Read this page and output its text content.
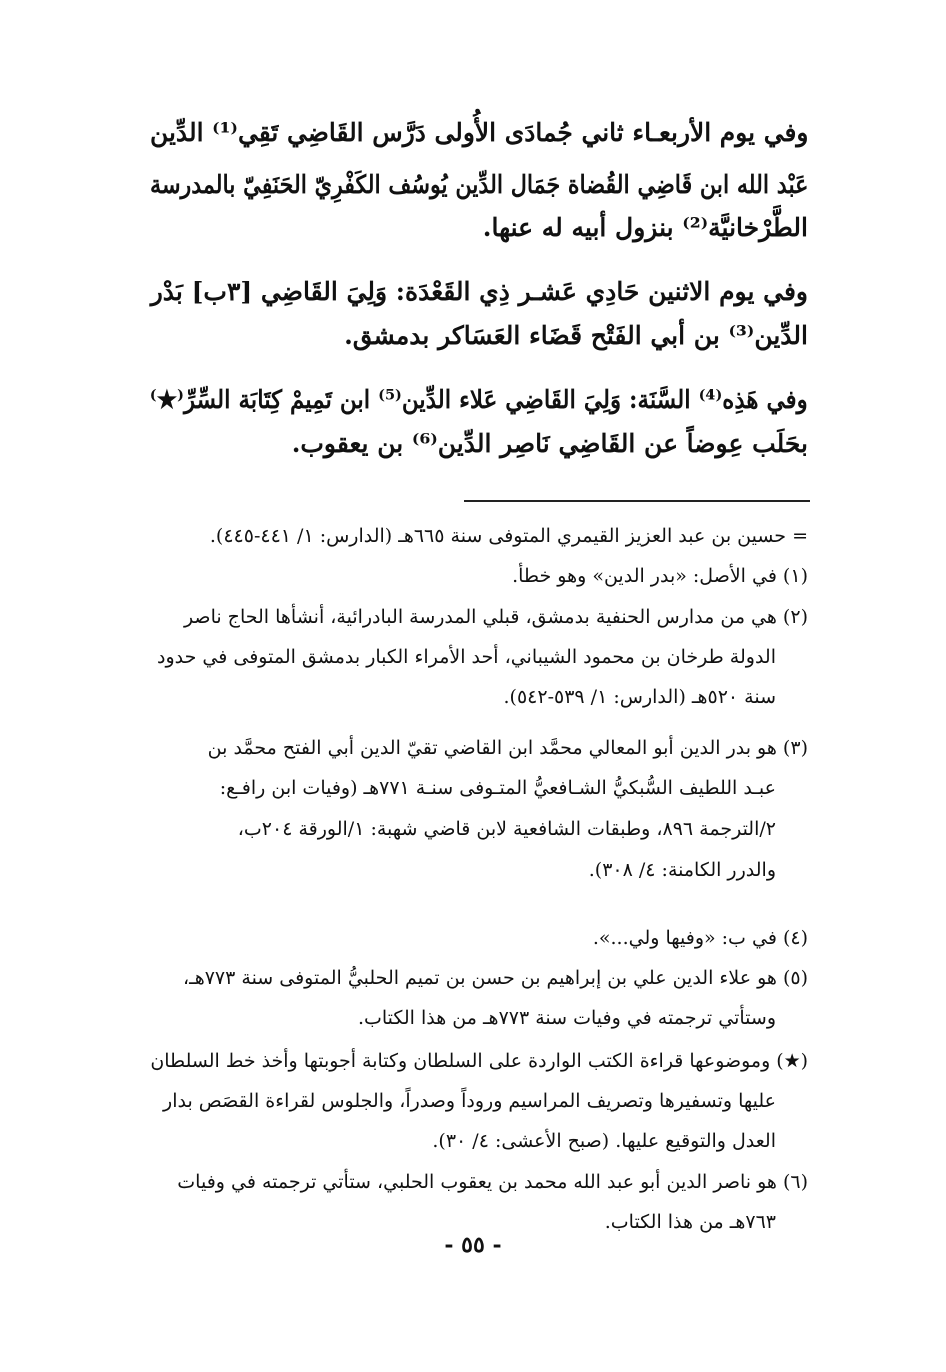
وفي يوم الأربعـاء ثاني جُمادَى الأُولى دَرَّس القَاضِي تَقِي⁽¹⁾ الدِّين
عَبْد الله ابن قَاضِي القُضاة جَمَال الدِّين يُوسُف الكَفْرِيّ الحَنَفِيّ بالمدرسة
الطَّرْخانيَّة⁽²⁾ بنزول أبيه له عنها.
وفي يوم الاثنين حَادِي عَشـر ذِي القَعْدَة: وَلِيَ القَاضِي [٣ب] بَدْر
الدِّين⁽³⁾ بن أبي الفَتْح قَضَاء العَسَاكر بدمشق.
وفي هَذِه⁽⁴⁾ السَّنَة: وَلِيَ القَاضِي عَلاء الدِّين⁽⁵⁾ ابن تَمِيمْ كِتَابَة السِّرِّ⁽★⁾
بحَلَب عِوضاً عن القَاضِي نَاصِر الدِّين⁽⁶⁾ بن يعقوب.
= حسين بن عبد العزيز القيمري المتوفى سنة ٦٦٥هـ (الدارس: ١/ ٤٤١-٤٤٥).
(١) في الأصل: «بدر الدين» وهو خطأ.
(٢) هي من مدارس الحنفية بدمشق، قبلي المدرسة البادرائية، أنشأها الحاج ناصر
الدولة طرخان بن محمود الشيباني، أحد الأمراء الكبار بدمشق المتوفى في حدود
سنة ٥٢٠هـ (الدارس: ١/ ٥٣٩-٥٤٢).
(٣) هو بدر الدين أبو المعالي محمَّد ابن القاضي تقيّ الدين أبي الفتح محمَّد بن
عبـد اللطيف السُّبكيُّ الشـافعيُّ المتـوفى سنـة ٧٧١هـ (وفيات ابن رافـع:
٢/الترجمة ٨٩٦، وطبقات الشافعية لابن قاضي شهبة: ١/الورقة ٢٠٤ب،
والدرر الكامنة: ٤/ ٣٠٨).
(٤) في ب: «وفيها ولي...».
(٥) هو علاء الدين علي بن إبراهيم بن حسن بن تميم الحلبيُّ المتوفى سنة ٧٧٣هـ،
وستأتي ترجمته في وفيات سنة ٧٧٣هـ من هذا الكتاب.
(★) وموضوعها قراءة الكتب الواردة على السلطان وكتابة أجوبتها وأخذ خط السلطان
عليها وتسفيرها وتصريف المراسيم وروداً وصدراً، والجلوس لقراءة القصَص بدار
العدل والتوقيع عليها. (صبح الأعشى: ٤/ ٣٠).
(٦) هو ناصر الدين أبو عبد الله محمد بن يعقوب الحلبي، ستأتي ترجمته في وفيات
٧٦٣هـ من هذا الكتاب.
- ٥٥ -
